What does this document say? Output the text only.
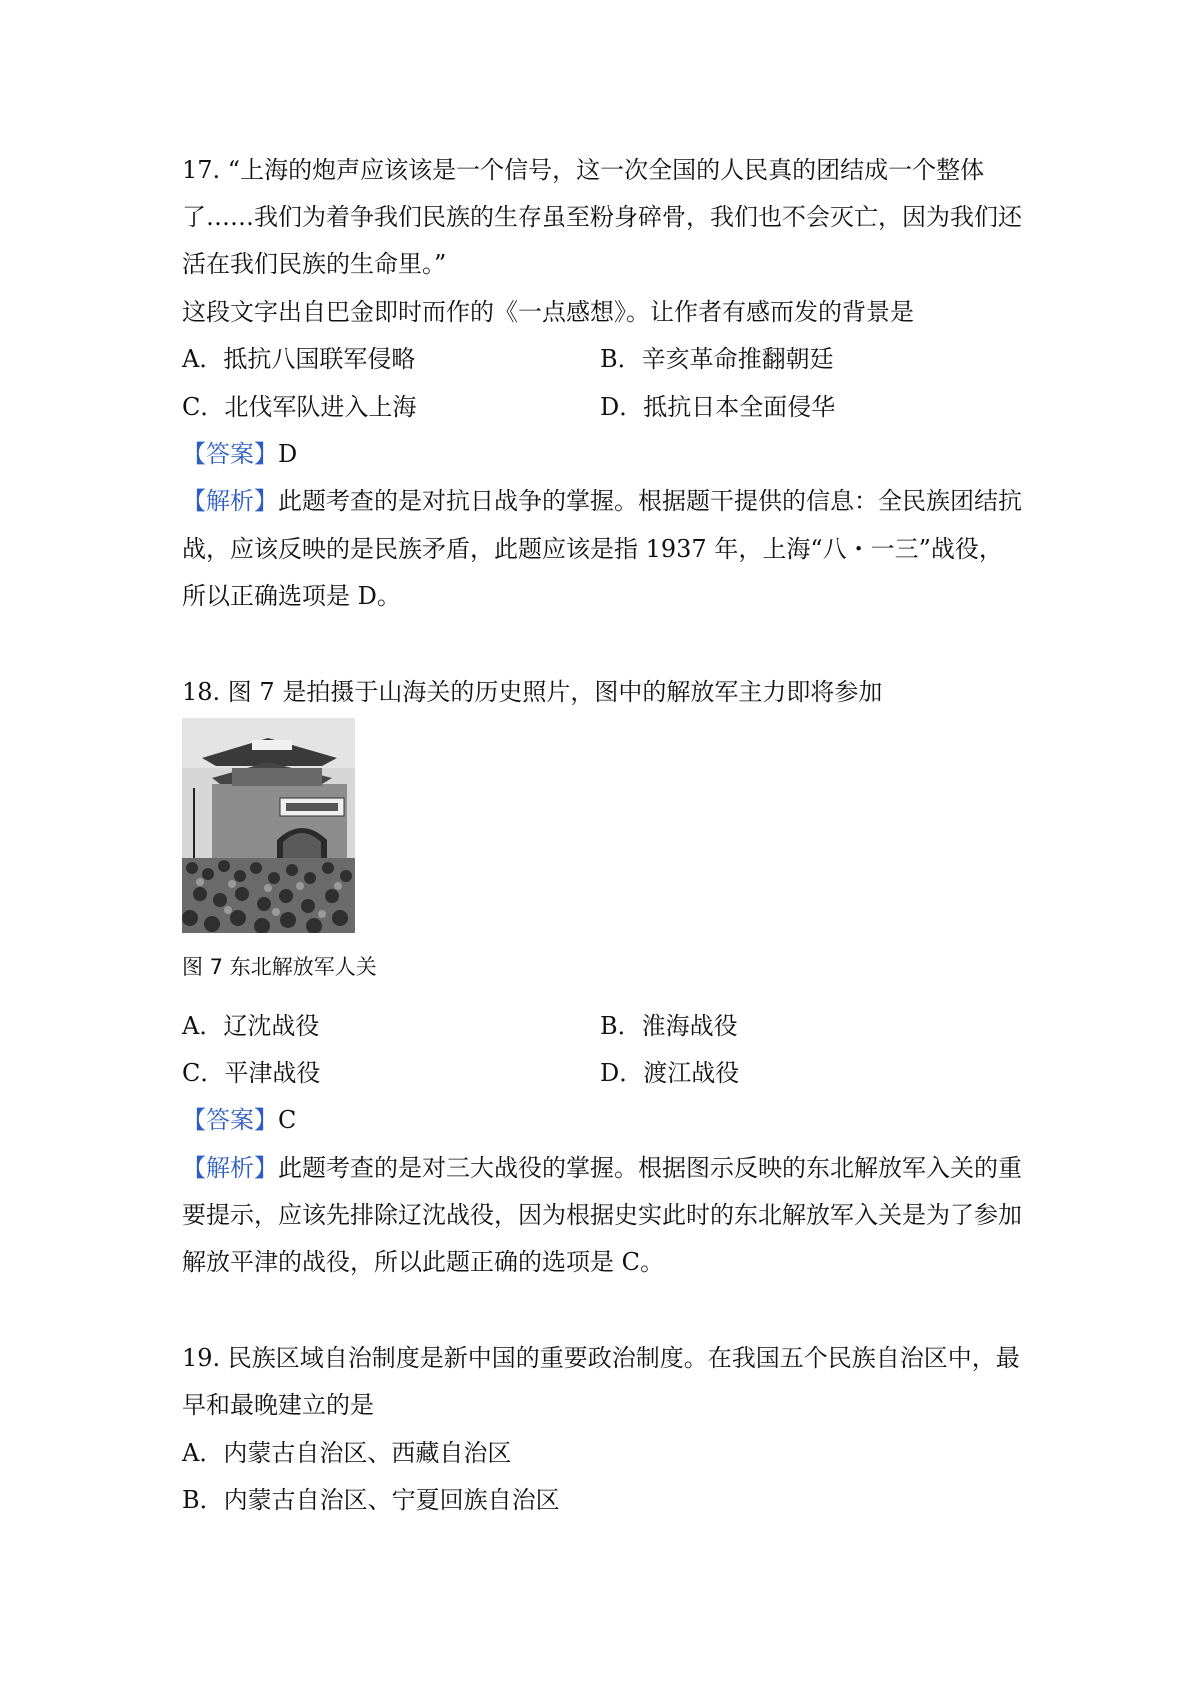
17. “上海的炮声应该该是一个信号，这一次全国的人民真的团结成一个整体
了……我们为着争我们民族的生存虽至粉身碎骨，我们也不会灭亡，因为我们还
活在我们民族的生命里。”
这段文字出自巴金即时而作的《一点感想》。让作者有感而发的背景是
A．抵抗八国联军侵略	B．辛亥革命推翻朝廷
C．北伐军队进入上海	D．抵抗日本全面侵华
【答案】D
【解析】此题考查的是对抗日战争的掌握。根据题干提供的信息：全民族团结抗
战，应该反映的是民族矛盾，此题应该是指 1937 年，上海“八・一三”战役，
所以正确选项是 D。
18. 图 7 是拍摄于山海关的历史照片，图中的解放军主力即将参加
图 7 东北解放军人关
A．辽沈战役	B．淮海战役
C．平津战役	D．渡江战役
【答案】C
【解析】此题考查的是对三大战役的掌握。根据图示反映的东北解放军入关的重
要提示，应该先排除辽沈战役，因为根据史实此时的东北解放军入关是为了参加
解放平津的战役，所以此题正确的选项是 C。
19. 民族区域自治制度是新中国的重要政治制度。在我国五个民族自治区中，最
早和最晚建立的是
A．内蒙古自治区、西藏自治区
B．内蒙古自治区、宁夏回族自治区
